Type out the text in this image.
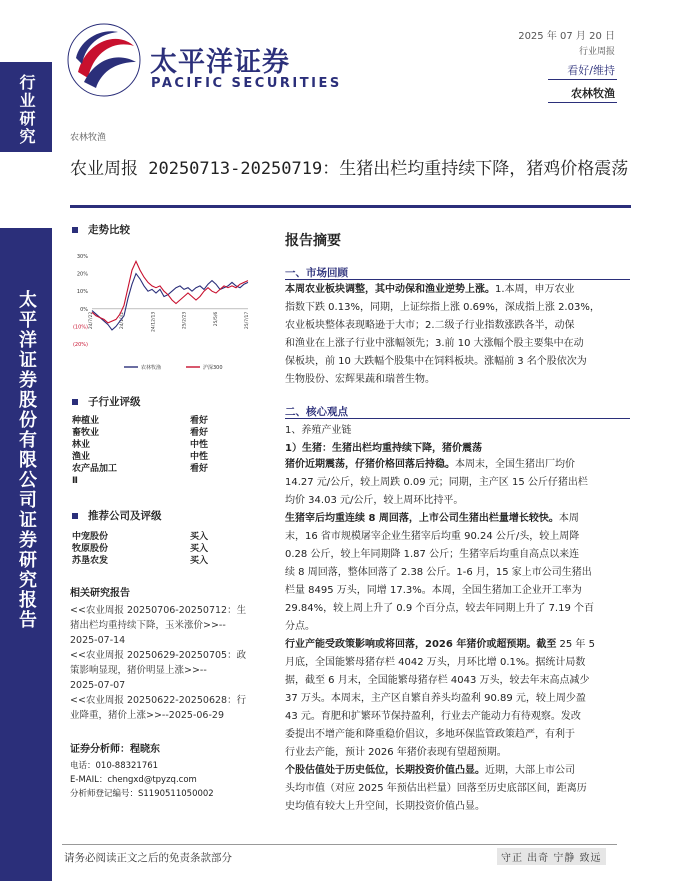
行业研究
太平洋证券股份有限公司证券研究报告
太平洋证券
PACIFIC SECURITIES
2025 年 07 月 20 日
行业周报
看好/维持
农林牧渔
农林牧渔
农业周报 20250713-20250719：生猪出栏均重持续下降，猪鸡价格震荡
走势比较
30%
20%
10%
0%
(10%)
(20%)
24/7/22	24/10/2	24/12/13	25/2/23	25/5/6	25/7/17
农林牧渔	沪深300
子行业评级
种植业	看好
畜牧业	看好
林业	中性
渔业	中性
农产品加工	看好
Ⅱ
推荐公司及评级
中宠股份	买入
牧原股份	买入
苏垦农发	买入
相关研究报告
<<农业周报 20250706-20250712：生
猪出栏均重持续下降，玉米涨价>>--
2025-07-14
<<农业周报 20250629-20250705：政
策影响显现，猪价明显上涨>>--
2025-07-07
<<农业周报 20250622-20250628：行
业降重，猪价上涨>>--2025-06-29
证券分析师：程晓东
电话：010-88321761
E-MAIL：chengxd@tpyzq.com
分析师登记编号：S1190511050002
报告摘要
一、市场回顾
本周农业板块调整，其中动保和渔业逆势上涨。1.本周，申万农业
指数下跌 0.13%，同期，上证综指上涨 0.69%，深成指上涨 2.03%，
农业板块整体表现略逊于大市；2.二级子行业指数涨跌各半，动保
和渔业在上涨子行业中涨幅领先；3.前 10 大涨幅个股主要集中在动
保板块，前 10 大跌幅个股集中在饲料板块。涨幅前 3 名个股依次为
生物股份、宏辉果蔬和瑞普生物。
二、核心观点
1、养殖产业链
1）生猪：生猪出栏均重持续下降，猪价震荡
猪价近期震荡，仔猪价格回落后持稳。本周末，全国生猪出厂均价
14.27 元/公斤，较上周跌 0.09 元；同期，主产区 15 公斤仔猪出栏
均价 34.03 元/公斤，较上周环比持平。
生猪宰后均重连续 8 周回落，上市公司生猪出栏量增长较快。本周
末，16 省市规模屠宰企业生猪宰后均重 90.24 公斤/头，较上周降
0.28 公斤，较上年同期降 1.87 公斤；生猪宰后均重自高点以来连
续 8 周回落，整体回落了 2.38 公斤。1-6 月，15 家上市公司生猪出
栏量 8495 万头，同增 17.3%。本周，全国生猪加工企业开工率为
29.84%，较上周上升了 0.9 个百分点，较去年同期上升了 7.19 个百
分点。
行业产能受政策影响或将回落，2026 年猪价或超预期。截至 25 年 5
月底，全国能繁母猪存栏 4042 万头，月环比增 0.1%。据统计局数
据，截至 6 月末，全国能繁母猪存栏 4043 万头，较去年末高点减少
37 万头。本周末，主产区自繁自养头均盈利 90.89 元，较上周少盈
43 元。育肥和扩繁环节保持盈利，行业去产能动力有待观察。发改
委提出不增产能和降重稳价倡议，多地环保监管政策趋严，有利于
行业去产能，预计 2026 年猪价表现有望超预期。
个股估值处于历史低位，长期投资价值凸显。近期，大部上市公司
头均市值（对应 2025 年预估出栏量）回落至历史底部区间，距离历
史均值有较大上升空间，长期投资价值凸显。
请务必阅读正文之后的免责条款部分	守正 出奇 宁静 致远
